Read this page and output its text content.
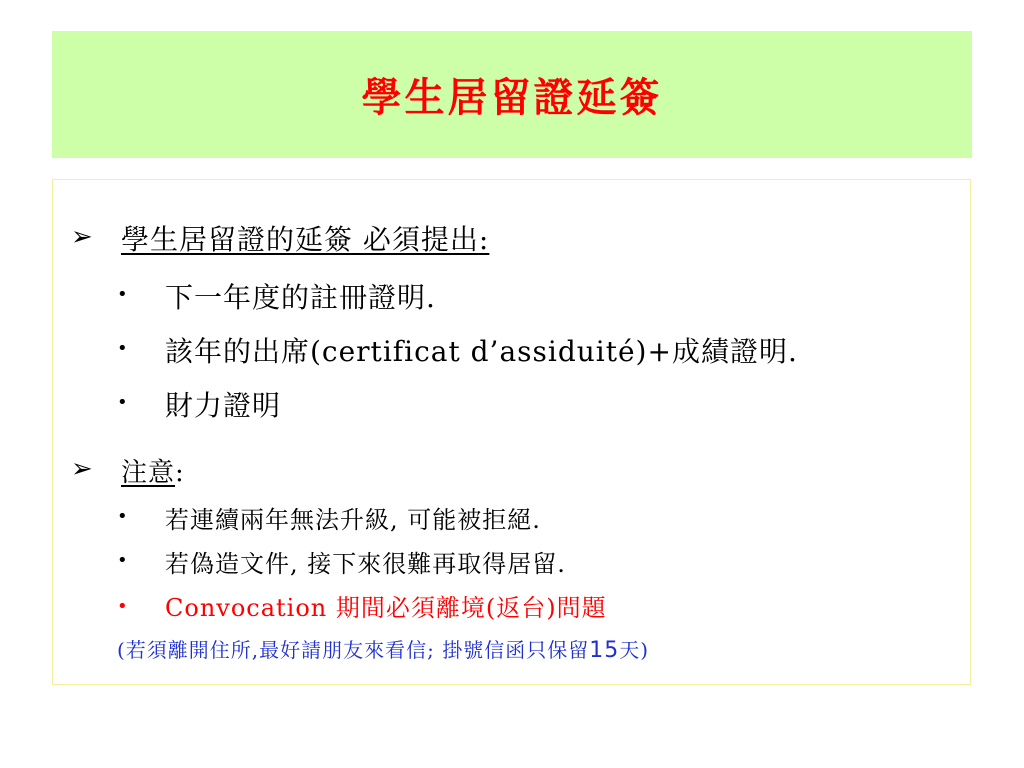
學生居留證延簽
➢ 學生居留證的延簽 必須提出:
• 下一年度的註冊證明.
• 該年的出席(certificat d’assiduité)+成績證明.
• 財力證明
➢ 注意:
• 若連續兩年無法升級, 可能被拒絕.
• 若偽造文件, 接下來很難再取得居留.
• Convocation 期間必須離境(返台)問題
(若須離開住所,最好請朋友來看信; 掛號信函只保留15天)
